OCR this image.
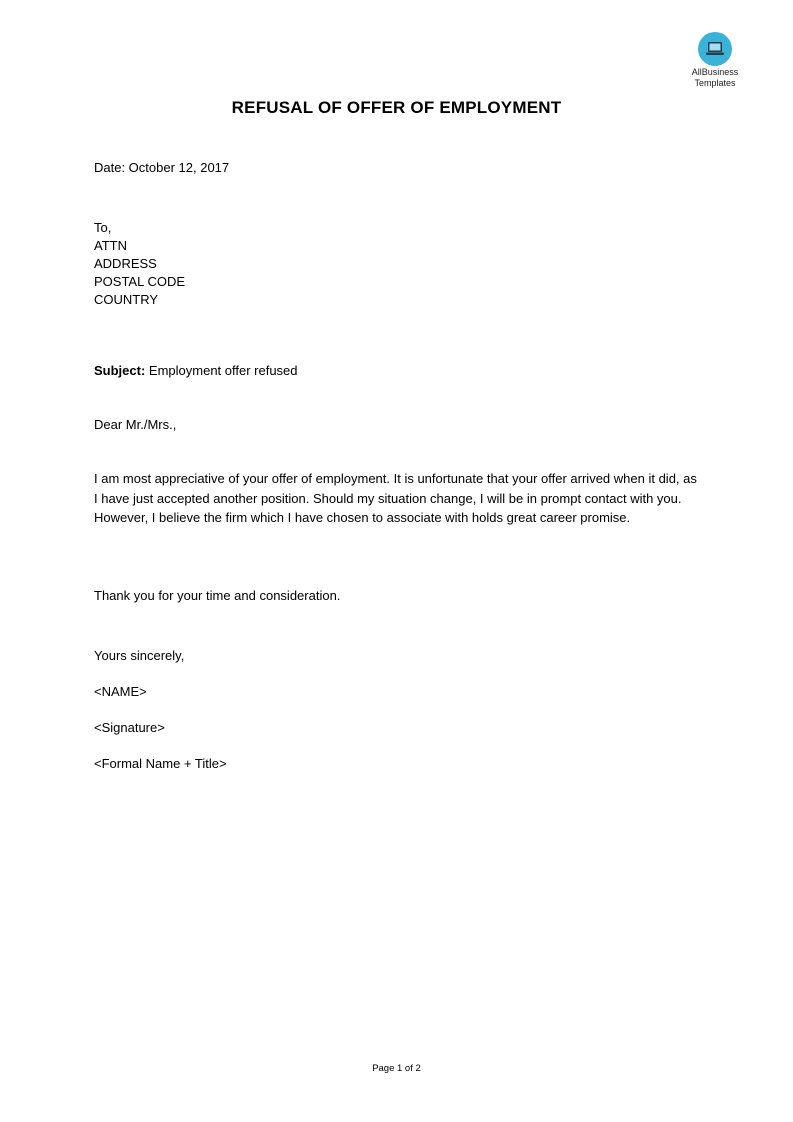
AllBusiness
Templates
REFUSAL OF OFFER OF EMPLOYMENT
Date: October 12, 2017
To,
ATTN
ADDRESS
POSTAL CODE
COUNTRY
Subject: Employment offer refused
Dear Mr./Mrs.,
I am most appreciative of your offer of employment. It is unfortunate that your offer arrived when it did, as I have just accepted another position. Should my situation change, I will be in prompt contact with you. However, I believe the firm which I have chosen to associate with holds great career promise.
Thank you for your time and consideration.
Yours sincerely,
<NAME>
<Signature>
<Formal Name + Title>
Page 1 of 2
